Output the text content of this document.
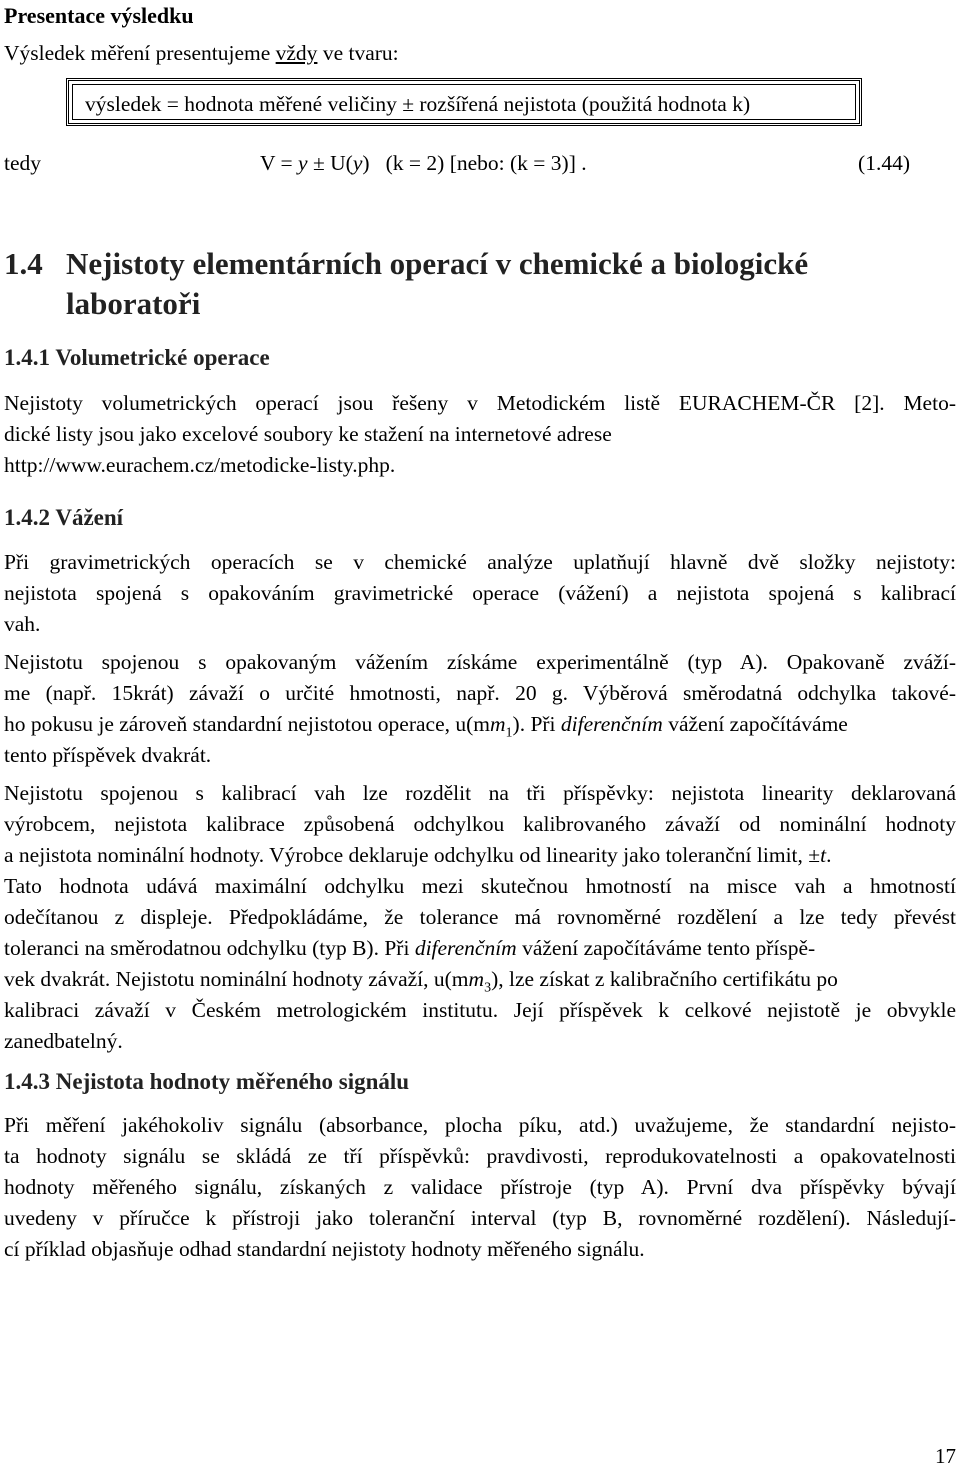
Presentace výsledku
Výsledek měření presentujeme vždy ve tvaru:
výsledek = hodnota měřené veličiny ± rozšířená nejistota (použitá hodnota k)
tedy	V = y ± U(y)   (k = 2) [nebo: (k = 3)] .	(1.44)
1.4 Nejistoty elementárních operací v chemické a biologické
laboratoři
1.4.1 Volumetrické operace
Nejistoty volumetrických operací jsou řešeny v Metodickém listě EURACHEM-ČR [2]. Meto-
dické listy jsou jako excelové soubory ke stažení na internetové adrese
http://www.eurachem.cz/metodicke-listy.php.
1.4.2 Vážení
Při gravimetrických operacích se v chemické analýze uplatňují hlavně dvě složky nejistoty:
nejistota spojená s opakováním gravimetrické operace (vážení) a nejistota spojená s kalibrací
vah.
Nejistotu spojenou s opakovaným vážením získáme experimentálně (typ A). Opakovaně zváží-
me (např. 15krát) závaží o určité hmotnosti, např. 20 g. Výběrová směrodatná odchylka takové-
ho pokusu je zároveň standardní nejistotou operace, $u(mm_1)$. Při diferenčním vážení započítáváme
tento příspěvek dvakrát.
Nejistotu spojenou s kalibrací vah lze rozdělit na tři příspěvky: nejistota linearity deklarovaná
výrobcem, nejistota kalibrace způsobená odchylkou kalibrovaného závaží od nominální hodnoty
a nejistota nominální hodnoty. Výrobce deklaruje odchylku od linearity jako toleranční limit, ±t.
Tato hodnota udává maximální odchylku mezi skutečnou hmotností na misce vah a hmotností
odečítanou z displeje. Předpokládáme, že tolerance má rovnoměrné rozdělení a lze tedy převést
toleranci na směrodatnou odchylku (typ B). Při diferenčním vážení započítáváme tento příspě-
vek dvakrát. Nejistotu nominální hodnoty závaží, $u(mm_3)$, lze získat z kalibračního certifikátu po
kalibraci závaží v Českém metrologickém institutu. Její příspěvek k celkové nejistotě je obvykle
zanedbatelný.
1.4.3 Nejistota hodnoty měřeného signálu
Při měření jakéhokoliv signálu (absorbance, plocha píku, atd.) uvažujeme, že standardní nejisto-
ta hodnoty signálu se skládá ze tří příspěvků: pravdivosti, reprodukovatelnosti a opakovatelnosti
hodnoty měřeného signálu, získaných z validace přístroje (typ A). První dva příspěvky bývají
uvedeny v příručce k přístroji jako toleranční interval (typ B, rovnoměrné rozdělení). Následují-
cí příklad objasňuje odhad standardní nejistoty hodnoty měřeného signálu.
17
